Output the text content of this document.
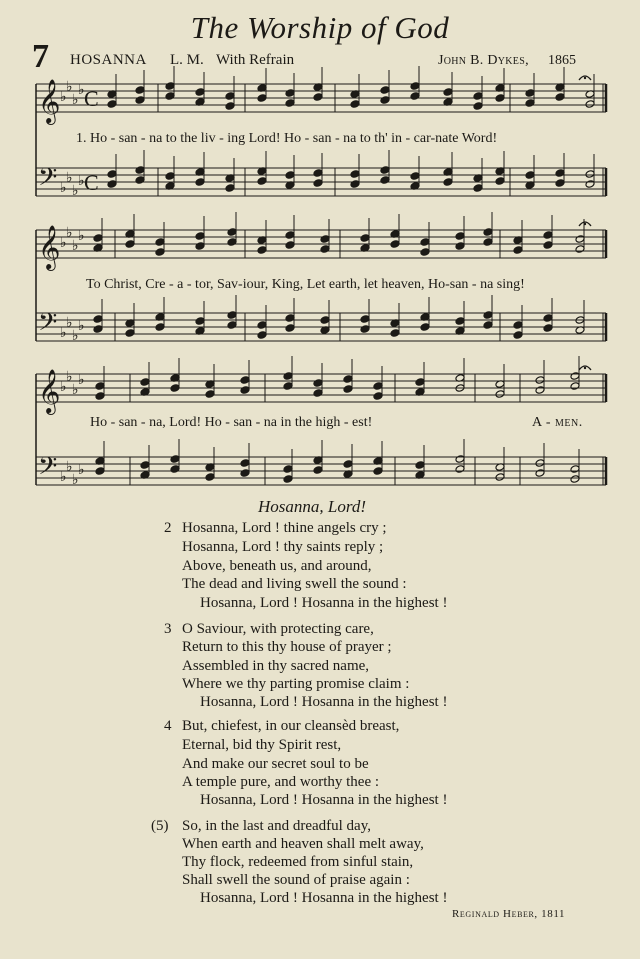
The Worship of God
7 HOSANNA L. M. With Refrain	John B. Dykes, 1865
𝄞
𝄢
♭
♭
♭
♭
♭
♭
♭
♭
𝄞
𝄢
♭
♭
♭
♭
♭
♭
♭
♭
𝄞
𝄢
♭
♭
♭
♭
♭
♭
♭
♭
C
C
1. Ho - san - na to the liv - ing Lord! Ho - san - na to th' in - car-nate Word!
To Christ, Cre - a - tor, Sav-iour, King, Let earth, let heaven, Ho-san - na sing!
Ho - san - na, Lord! Ho - san - na in the high - est!	A - men.
Hosanna, Lord!
2 Hosanna, Lord ! thine angels cry ;
Hosanna, Lord ! thy saints reply ;
Above, beneath us, and around,
The dead and living swell the sound :
Hosanna, Lord ! Hosanna in the highest !
3 O Saviour, with protecting care,
Return to this thy house of prayer ;
Assembled in thy sacred name,
Where we thy parting promise claim :
Hosanna, Lord ! Hosanna in the highest !
4 But, chiefest, in our cleansèd breast,
Eternal, bid thy Spirit rest,
And make our secret soul to be
A temple pure, and worthy thee :
Hosanna, Lord ! Hosanna in the highest !
(5) So, in the last and dreadful day,
When earth and heaven shall melt away,
Thy flock, redeemed from sinful stain,
Shall swell the sound of praise again :
Hosanna, Lord ! Hosanna in the highest !
Reginald Heber, 1811
